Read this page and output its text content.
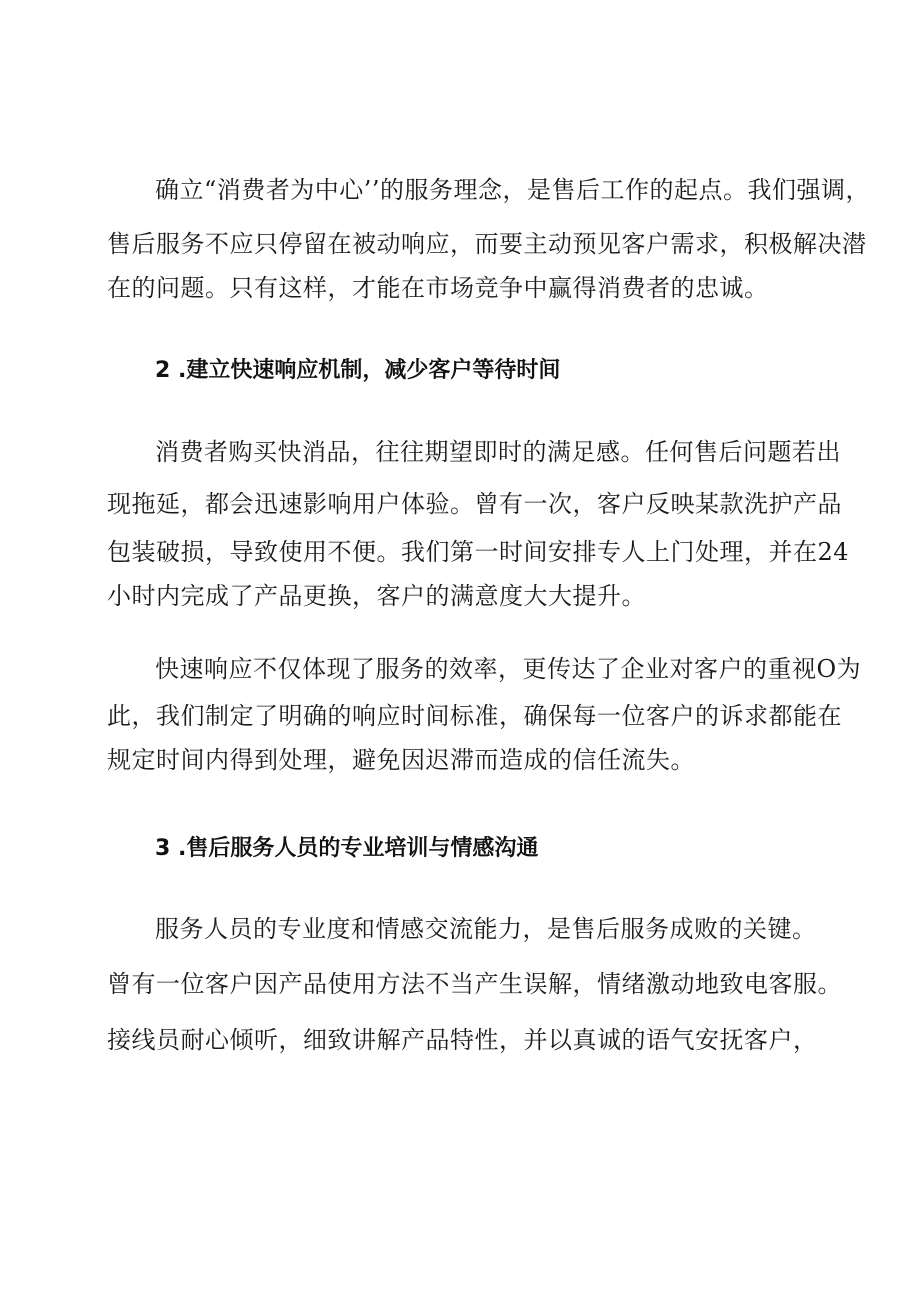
确立“消费者为中心’’的服务理念，是售后工作的起点。我们强调，

售后服务不应只停留在被动响应，而要主动预见客户需求，积极解决潜

在的问题。只有这样，才能在市场竞争中赢得消费者的忠诚。

2 .建立快速响应机制，减少客户等待时间

消费者购买快消品，往往期望即时的满足感。任何售后问题若出

现拖延，都会迅速影响用户体验。曾有一次，客户反映某款洗护产品

包装破损，导致使用不便。我们第一时间安排专人上门处理，并在24

小时内完成了产品更换，客户的满意度大大提升。

快速响应不仅体现了服务的效率，更传达了企业对客户的重视O为

此，我们制定了明确的响应时间标准，确保每一位客户的诉求都能在

规定时间内得到处理，避免因迟滞而造成的信任流失。

3 .售后服务人员的专业培训与情感沟通

服务人员的专业度和情感交流能力，是售后服务成败的关键。

曾有一位客户因产品使用方法不当产生误解，情绪激动地致电客服。

接线员耐心倾听，细致讲解产品特性，并以真诚的语气安抚客户，
